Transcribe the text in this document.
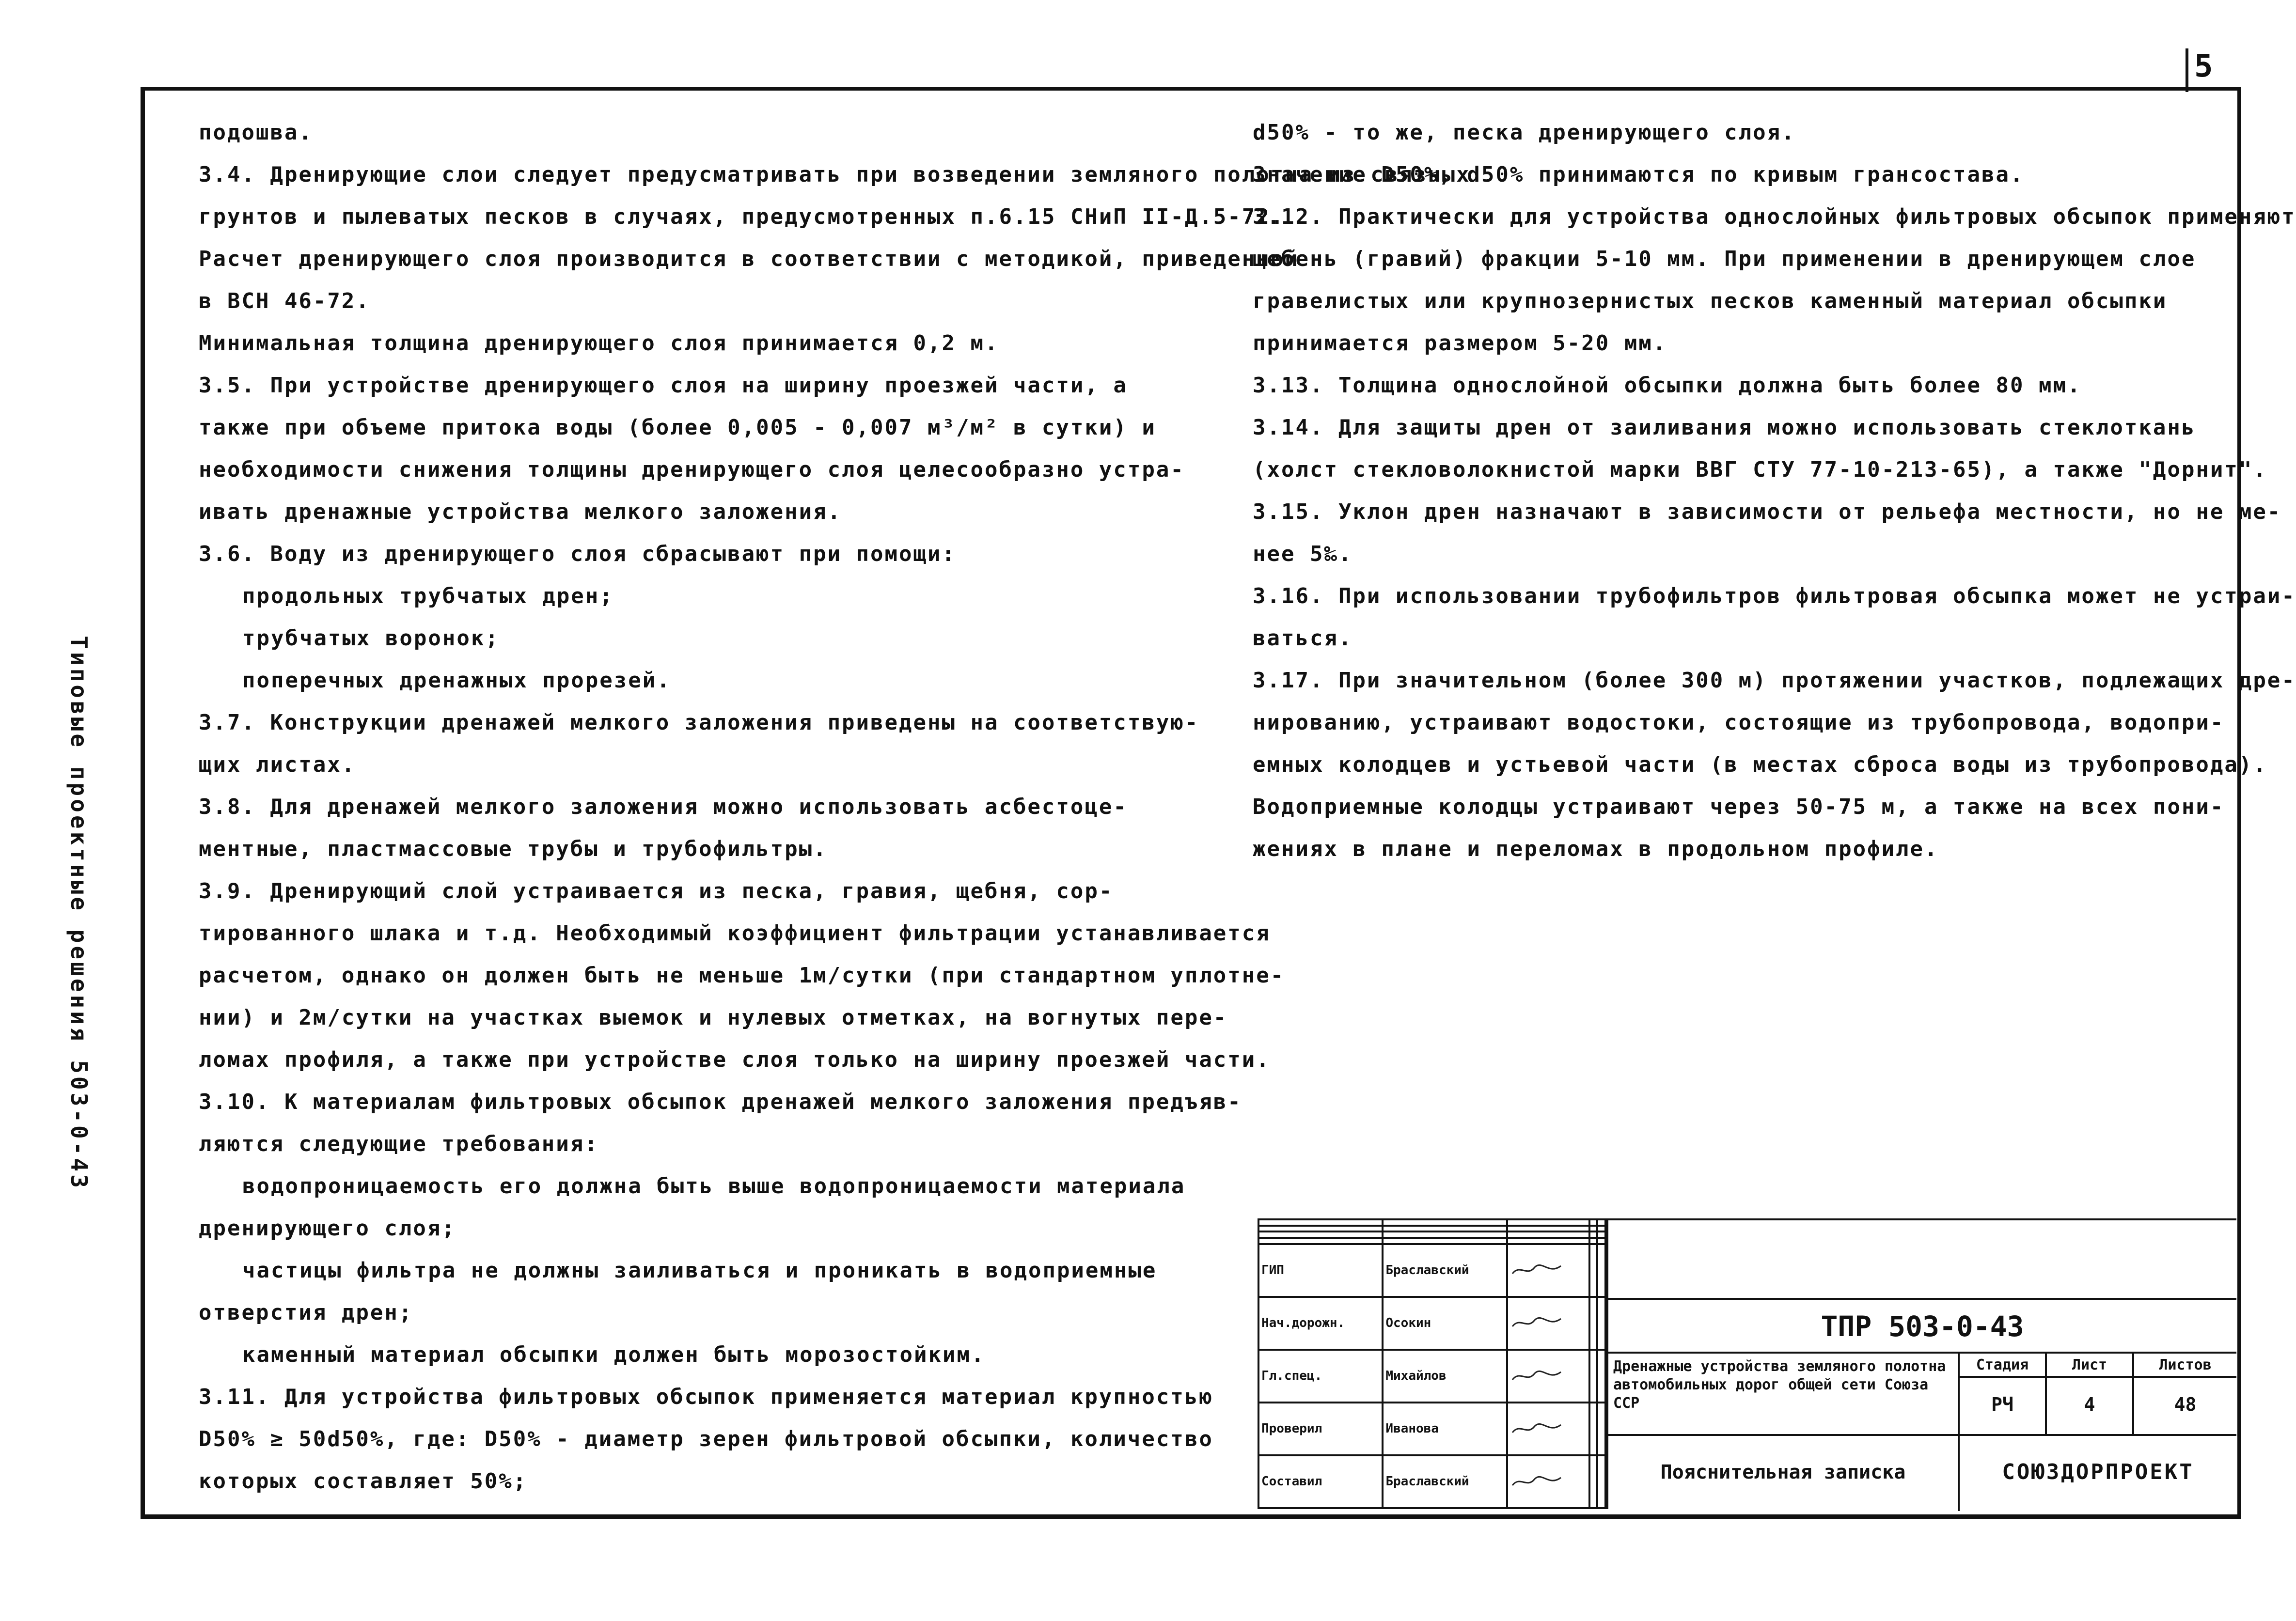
5
Типовые проектные решения 503-0-43
подошва.
3.4. Дренирующие слои следует предусматривать при возведении земляного полотна из связных
грунтов и пылеватых песков в случаях, предусмотренных п.6.15 СНиП II-Д.5-72.
Расчет дренирующего слоя производится в соответствии с методикой, приведенной
в ВСН 46-72.
Минимальная толщина дренирующего слоя принимается 0,2 м.
3.5. При устройстве дренирующего слоя на ширину проезжей части, а
также при объеме притока воды (более 0,005 - 0,007 м³/м² в сутки) и
необходимости снижения толщины дренирующего слоя целесообразно устра-
ивать дренажные устройства мелкого заложения.
3.6. Воду из дренирующего слоя сбрасывают при помощи:
продольных трубчатых дрен;
трубчатых воронок;
поперечных дренажных прорезей.
3.7. Конструкции дренажей мелкого заложения приведены на соответствую-
щих листах.
3.8. Для дренажей мелкого заложения можно использовать асбестоце-
ментные, пластмассовые трубы и трубофильтры.
3.9. Дренирующий слой устраивается из песка, гравия, щебня, сор-
тированного шлака и т.д. Необходимый коэффициент фильтрации устанавливается
расчетом, однако он должен быть не меньше 1м/сутки (при стандартном уплотне-
нии) и 2м/сутки на участках выемок и нулевых отметках, на вогнутых пере-
ломах профиля, а также при устройстве слоя только на ширину проезжей части.
3.10. К материалам фильтровых обсыпок дренажей мелкого заложения предъяв-
ляются следующие требования:
водопроницаемость его должна быть выше водопроницаемости материала
дренирующего слоя;
частицы фильтра не должны заиливаться и проникать в водоприемные
отверстия дрен;
каменный материал обсыпки должен быть морозостойким.
3.11. Для устройства фильтровых обсыпок применяется материал крупностью
D50% ≥ 50d50%, где: D50% - диаметр зерен фильтровой обсыпки, количество
которых составляет 50%;
d50% - то же, песка дренирующего слоя.
Значение D50%, d50% принимаются по кривым грансостава.
3.12. Практически для устройства однослойных фильтровых обсыпок применяют
щебень (гравий) фракции 5-10 мм. При применении в дренирующем слое
гравелистых или крупнозернистых песков каменный материал обсыпки
принимается размером 5-20 мм.
3.13. Толщина однослойной обсыпки должна быть более 80 мм.
3.14. Для защиты дрен от заиливания можно использовать стеклоткань
(холст стекловолокнистой марки ВВГ СТУ 77-10-213-65), а также "Дорнит".
3.15. Уклон дрен назначают в зависимости от рельефа местности, но не ме-
нее 5‰.
3.16. При использовании трубофильтров фильтровая обсыпка может не устраи-
ваться.
3.17. При значительном (более 300 м) протяжении участков, подлежащих дре-
нированию, устраивают водостоки, состоящие из трубопровода, водопри-
емных колодцев и устьевой части (в местах сброса воды из трубопровода).
Водоприемные колодцы устраивают через 50-75 м, а также на всех пони-
жениях в плане и переломах в продольном профиле.

ГИП	Браславский			
Нач.дорожн.	Осокин			
Гл.спец.	Михайлов			
Проверил	Иванова			
Составил	Браславский			
ТПР 503-0-43
Дренажные устройства земляного полотна автомобильных дорог общей сети Союза ССР
Стадия	Лист	Листов
РЧ	4	48
Пояснительная записка	СОЮЗДОРПРОЕКТ
